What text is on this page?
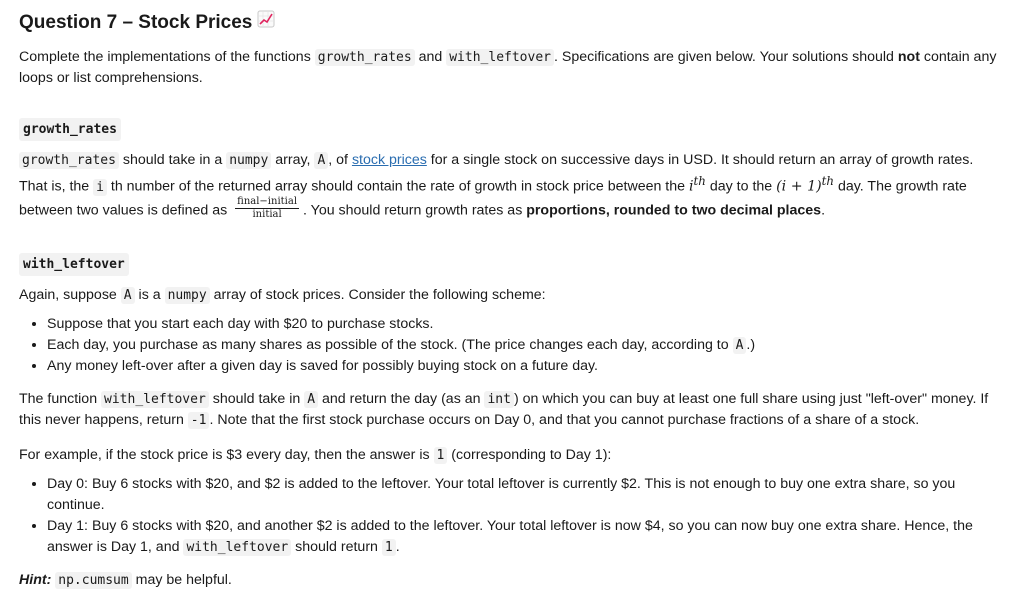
Question 7 – Stock Prices

Complete the implementations of the functions growth_rates and with_leftover . Specifications are given below. Your solutions should not contain any loops or list comprehensions.

growth_rates

growth_rates should take in a numpy array, A , of stock prices for a single stock on successive days in USD. It should return an array of growth rates. That is, the i th number of the returned array should contain the rate of growth in stock price between the $i^{th}$ day to the $(i + 1)^{th}$ day. The growth rate between two values is defined as $\frac{\text{final−initial}}{\text{initial}}$ . You should return growth rates as proportions, rounded to two decimal places.

with_leftover

Again, suppose A is a numpy array of stock prices. Consider the following scheme:

• Suppose that you start each day with $20 to purchase stocks.
• Each day, you purchase as many shares as possible of the stock. (The price changes each day, according to A .)
• Any money left-over after a given day is saved for possibly buying stock on a future day.

The function with_leftover should take in A and return the day (as an int ) on which you can buy at least one full share using just "left-over" money. If this never happens, return -1 . Note that the first stock purchase occurs on Day 0, and that you cannot purchase fractions of a share of a stock.

For example, if the stock price is $3 every day, then the answer is 1 (corresponding to Day 1):

• Day 0: Buy 6 stocks with $20, and $2 is added to the leftover. Your total leftover is currently $2. This is not enough to buy one extra share, so you continue.
• Day 1: Buy 6 stocks with $20, and another $2 is added to the leftover. Your total leftover is now $4, so you can now buy one extra share. Hence, the answer is Day 1, and with_leftover should return 1 .

Hint: np.cumsum may be helpful.
